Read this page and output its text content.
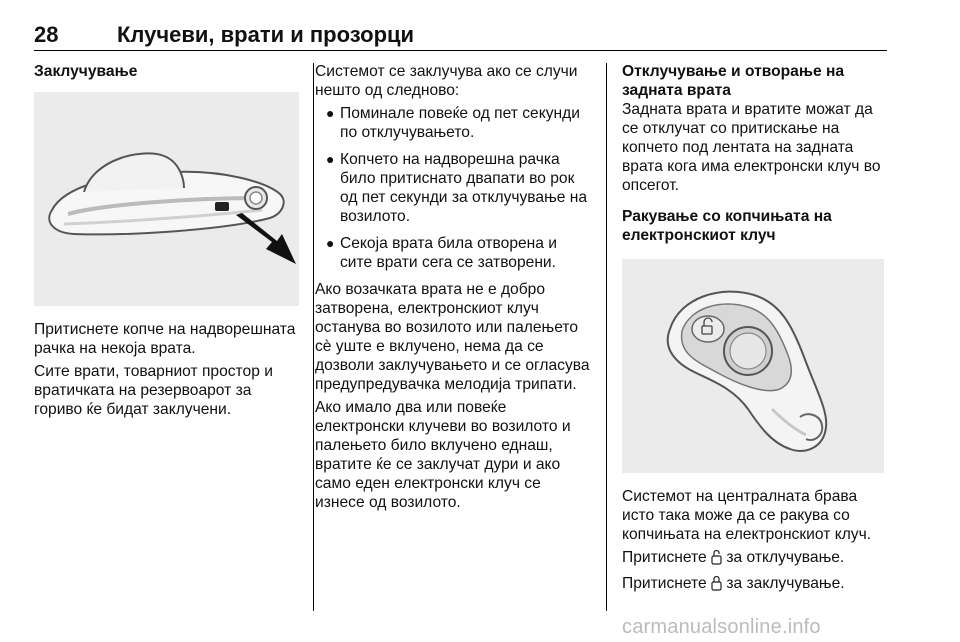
28	Клучеви, врати и прозорци
Заклучување

Притиснете копче на надворешната рачка на некоја врата.

Сите врати, товарниот простор и вратичката на резервоарот за гориво ќе бидат заклучени.

Системот се заклучува ако се случи нешто од следново:

● Поминале повеќе од пет секунди по отклучувањето.
● Копчето на надворешна рачка било притиснато двапати во рок од пет секунди за отклучување на возилото.
● Секоја врата била отворена и сите врати сега се затворени.

Ако возачката врата не е добро затворена, електронскиот клуч останува во возилото или палењето сè уште е вклучено, нема да се дозволи заклучувањето и се огласува предупредувачка мелодија трипати.

Ако имало два или повеќе електронски клучеви во возилото и палењето било вклучено еднаш, вратите ќе се заклучат дури и ако само еден електронски клуч се изнесе од возилото.

Отклучување и отворање на задната врата

Задната врата и вратите можат да се отклучат со притискање на копчето под лентата на задната врата кога има електронски клуч во опсегот.

Ракување со копчињата на електронскиот клуч

Системот на централната брава исто така може да се ракува со копчињата на електронскиот клуч.

Притиснете за отклучување.

Притиснете за заклучување.

carmanualsonline.info
